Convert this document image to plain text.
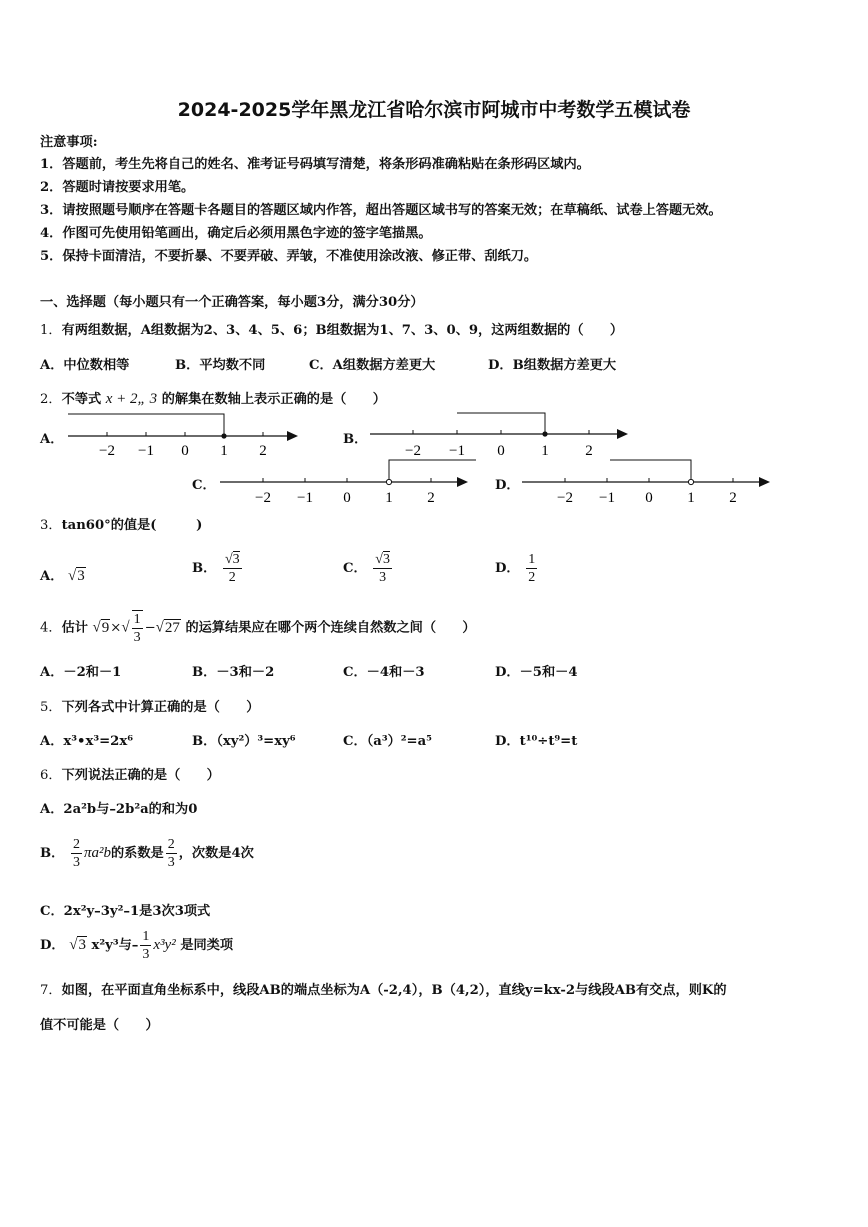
2024-2025学年黑龙江省哈尔滨市阿城市中考数学五模试卷
注意事项:
1．答题前，考生先将自己的姓名、准考证号码填写清楚，将条形码准确粘贴在条形码区域内。
2．答题时请按要求用笔。
3．请按照题号顺序在答题卡各题目的答题区域内作答，超出答题区域书写的答案无效；在草稿纸、试卷上答题无效。
4．作图可先使用铅笔画出，确定后必须用黑色字迹的签字笔描黑。
5．保持卡面清洁，不要折暴、不要弄破、弄皱，不准使用涂改液、修正带、刮纸刀。
一、选择题（每小题只有一个正确答案，每小题3分，满分30分）
1．有两组数据，A组数据为2、3、4、5、6；B组数据为1、7、3、0、9，这两组数据的（　　）
A．中位数相等	B．平均数不同	C．A组数据方差更大	D．B组数据方差更大
2．不等式 x + 2„ 3 的解集在数轴上表示正确的是（　　）
A．	B．
C．	D．
−2 −1 0 1 2	−2 −1 0 1 2
−2 −1 0 1 2	−2 −1 0 1 2
3．tan60°的值是(　　　)
A． √3	B． $\frac{√3}{2}$	C． $\frac{√3}{3}$	D． $\frac{1}{2}$
4．估计 $√9\times√ \frac{1}{3} -√27$ 的运算结果应在哪个两个连续自然数之间（　　）
A．－2和－1	B．－3和－2	C．－4和－3	D．－5和－4
5．下列各式中计算正确的是（　　）
A．x³•x³=2x⁶	B．（xy²）³=xy⁶	C．（a³）²=a⁵	D．t¹⁰÷t⁹=t
6．下列说法正确的是（　　）
A．2a²b与–2b²a的和为0
B． $\frac{2}{3} \pi a^2b$的系数是 $\frac{2}{3}$ ，次数是4次
C．2x²y–3y²–1是3次3项式
D． √3 x²y³与– $\frac{1}{3} x^3y^2$ 是同类项
7．如图，在平面直角坐标系中，线段AB的端点坐标为A（-2,4），B（4,2），直线y=kx-2与线段AB有交点，则K的
值不可能是（　　）
